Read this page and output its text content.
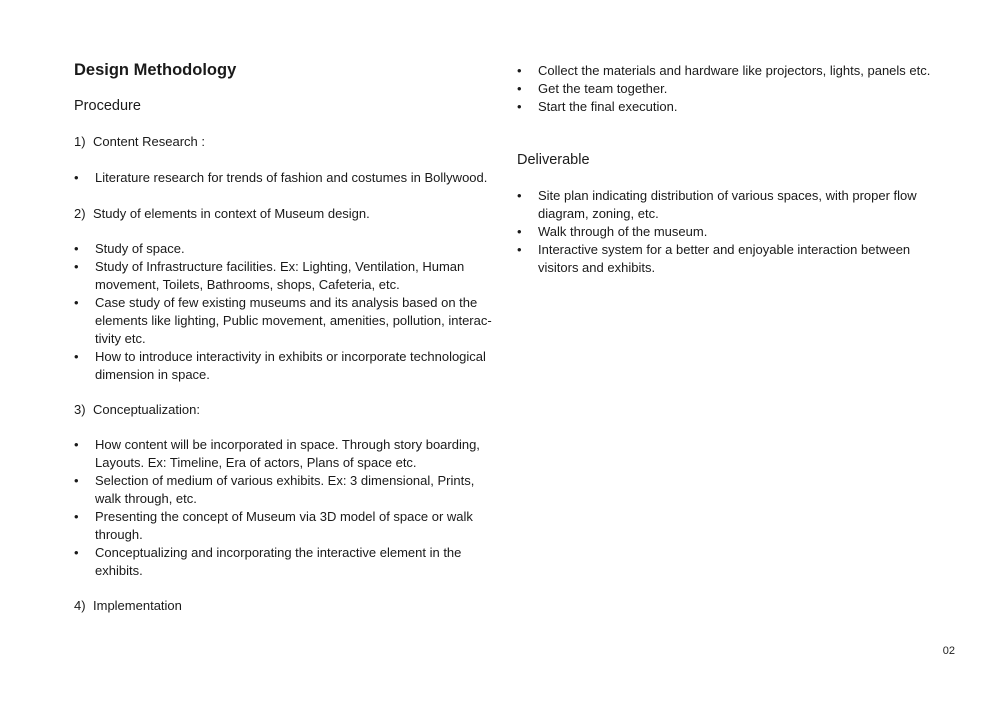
Design Methodology
Procedure
1) Content Research :
•	Literature research for trends of fashion and costumes in Bollywood.
2) Study of elements in context of Museum design.
•	Study of space.
•	Study of Infrastructure facilities. Ex: Lighting, Ventilation, Human movement, Toilets, Bathrooms, shops, Cafeteria, etc.
•	Case study of few existing museums and its analysis based on the elements like lighting, Public movement, amenities, pollution, interac-tivity etc.
•	How to introduce interactivity in exhibits or incorporate technological dimension in space.
3) Conceptualization:
•	How content will be incorporated in space. Through story boarding, Layouts. Ex: Timeline, Era of actors, Plans of space etc.
•	Selection of medium of various exhibits. Ex: 3 dimensional, Prints, walk through, etc.
•	Presenting the concept of Museum via 3D model of space or walk through.
•	Conceptualizing and incorporating the interactive element in the exhibits.
4) Implementation
•	Collect the materials and hardware like projectors, lights, panels etc.
•	Get the team together.
•	Start the final execution.
Deliverable
•	Site plan indicating distribution of various spaces, with proper flow diagram, zoning, etc.
•	Walk through of the museum.
•	Interactive system for a better and enjoyable interaction between visitors and exhibits.
02
